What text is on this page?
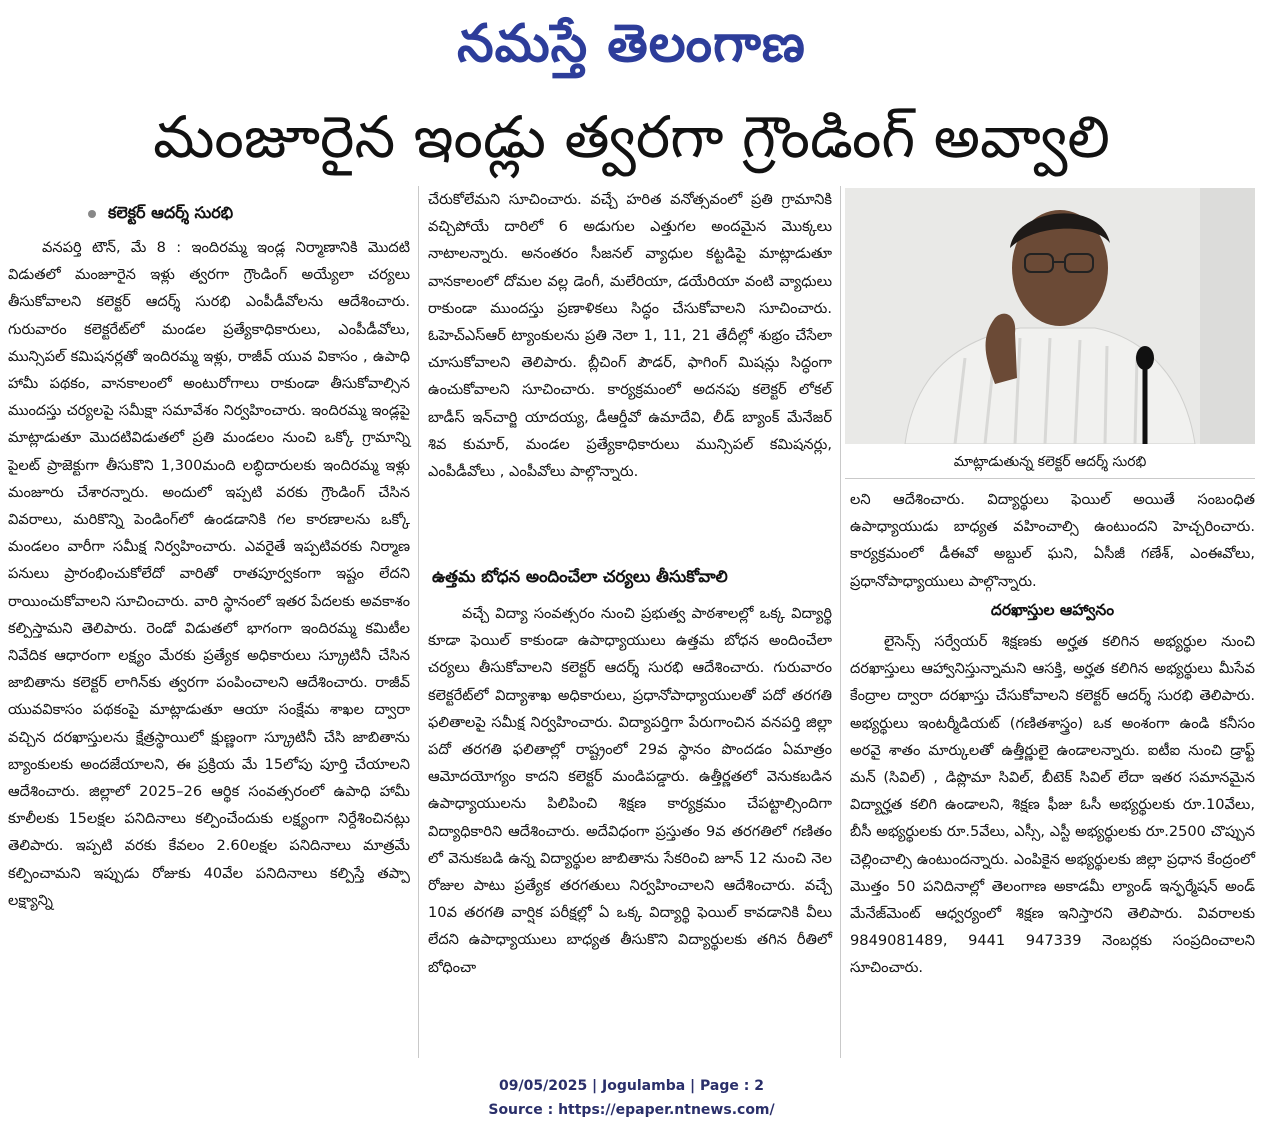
నమస్తే తెలంగాణ
మంజూరైన ఇండ్లు త్వరగా గ్రౌండింగ్ అవ్వాలి
కలెక్టర్ ఆదర్శ్ సురభి

వనపర్తి టౌన్, మే 8 : ఇందిరమ్మ ఇండ్ల నిర్మాణానికి మొదటి విడుతలో మంజూరైన ఇళ్లు త్వరగా గ్రౌండింగ్ అయ్యేలా చర్యలు తీసుకోవాలని కలెక్టర్ ఆదర్శ్ సురభి ఎంపీడీవోలను ఆదేశించారు. గురువారం కలెక్టరేట్‌లో మండల ప్రత్యేకాధికారులు, ఎంపీడీవోలు, మున్సిపల్ కమిషనర్లతో ఇందిరమ్మ ఇళ్లు, రాజీవ్ యువ వికాసం , ఉపాధి హామీ పథకం, వానకాలంలో అంటురోగాలు రాకుండా తీసుకోవాల్సిన ముందస్తు చర్యలపై సమీక్షా సమావేశం నిర్వహించారు. ఇందిరమ్మ ఇండ్లపై మాట్లాడుతూ మొదటివిడుతలో ప్రతి మండలం నుంచి ఒక్కో గ్రామాన్ని పైలట్ ప్రాజెక్టుగా తీసుకొని 1,300మంది లబ్ధిదారులకు ఇందిరమ్మ ఇళ్లు మంజూరు చేశారన్నారు. అందులో ఇప్పటి వరకు గ్రౌండింగ్ చేసిన వివరాలు, మరికొన్ని పెండింగ్‌లో ఉండడానికి గల కారణాలను ఒక్కో మండలం వారీగా సమీక్ష నిర్వహించారు. ఎవరైతే ఇప్పటివరకు నిర్మాణ పనులు ప్రారంభించుకోలేదో వారితో రాతపూర్వకంగా ఇష్టం లేదని రాయించుకోవాలని సూచించారు. వారి స్థానంలో ఇతర పేదలకు అవకాశం కల్పిస్తామని తెలిపారు. రెండో విడుతలో భాగంగా ఇందిరమ్మ కమిటీల నివేదిక ఆధారంగా లక్ష్యం మేరకు ప్రత్యేక అధికారులు స్క్రూటినీ చేసిన జాబితాను కలెక్టర్ లాగిన్‌కు త్వరగా పంపించాలని ఆదేశించారు. రాజీవ్ యువవికాసం పథకంపై మాట్లాడుతూ ఆయా సంక్షేమ శాఖల ద్వారా వచ్చిన దరఖాస్తులను క్షేత్రస్థాయిలో క్షుణ్ణంగా స్క్రూటినీ చేసి జాబితాను బ్యాంకులకు అందజేయాలని, ఈ ప్రక్రియ మే 15లోపు పూర్తి చేయాలని ఆదేశించారు. జిల్లాలో 2025–26 ఆర్థిక సంవత్సరంలో ఉపాధి హామీ కూలీలకు 15లక్షల పనిదినాలు కల్పించేందుకు లక్ష్యంగా నిర్దేశించినట్లు తెలిపారు. ఇప్పటి వరకు కేవలం 2.60లక్షల పనిదినాలు మాత్రమే కల్పించామని ఇప్పుడు రోజుకు 40వేల పనిదినాలు కల్పిస్తే తప్పా లక్ష్యాన్ని

చేరుకోలేమని సూచించారు. వచ్చే హరిత వనోత్సవంలో ప్రతి గ్రామానికి వచ్చిపోయే దారిలో 6 అడుగుల ఎత్తుగల అందమైన మొక్కలు నాటాలన్నారు. అనంతరం సీజనల్ వ్యాధుల కట్టడిపై మాట్లాడుతూ వానకాలంలో దోమల వల్ల డెంగీ, మలేరియా, డయేరియా వంటి వ్యాధులు రాకుండా ముందస్తు ప్రణాళికలు సిద్ధం చేసుకోవాలని సూచించారు. ఓహెచ్ఎస్ఆర్ ట్యాంకులను ప్రతి నెలా 1, 11, 21 తేదీల్లో శుభ్రం చేసేలా చూసుకోవాలని తెలిపారు. బ్లీచింగ్ పౌడర్, ఫాగింగ్ మిషన్లు సిద్ధంగా ఉంచుకోవాలని సూచించారు. కార్యక్రమంలో అదనపు కలెక్టర్ లోకల్ బాడీస్ ఇన్‌చార్జి యాదయ్య, డీఆర్డీవో ఉమాదేవి, లీడ్ బ్యాంక్ మేనేజర్ శివ కుమార్, మండల ప్రత్యేకాధికారులు మున్సిపల్ కమిషనర్లు, ఎంపీడీవోలు , ఎంపీవోలు పాల్గొన్నారు.

ఉత్తమ బోధన అందించేలా చర్యలు తీసుకోవాలి

వచ్చే విద్యా సంవత్సరం నుంచి ప్రభుత్వ పాఠశాలల్లో ఒక్క విద్యార్థి కూడా ఫెయిల్ కాకుండా ఉపాధ్యాయులు ఉత్తమ బోధన అందించేలా చర్యలు తీసుకోవాలని కలెక్టర్ ఆదర్శ్ సురభి ఆదేశించారు. గురువారం కలెక్టరేట్‌లో విద్యాశాఖ అధికారులు, ప్రధానోపాధ్యాయులతో పదో తరగతి ఫలితాలపై సమీక్ష నిర్వహించారు. విద్యాపర్తిగా పేరుగాంచిన వనపర్తి జిల్లా పదో తరగతి ఫలితాల్లో రాష్ట్రంలో 29వ స్థానం పొందడం ఏమాత్రం ఆమోదయోగ్యం కాదని కలెక్టర్ మండిపడ్డారు. ఉత్తీర్ణతలో వెనుకబడిన ఉపాధ్యాయులను పిలిపించి శిక్షణ కార్యక్రమం చేపట్టాల్సిందిగా విద్యాధికారిని ఆదేశించారు. అదేవిధంగా ప్రస్తుతం 9వ తరగతిలో గణితం లో వెనుకబడి ఉన్న విద్యార్థుల జాబితాను సేకరించి జూన్ 12 నుంచి నెల రోజుల పాటు ప్రత్యేక తరగతులు నిర్వహించాలని ఆదేశించారు. వచ్చే 10వ తరగతి వార్షిక పరీక్షల్లో ఏ ఒక్క విద్యార్థి ఫెయిల్ కావడానికి వీలు లేదని ఉపాధ్యాయులు బాధ్యత తీసుకొని విద్యార్థులకు తగిన రీతిలో బోధించా

మాట్లాడుతున్న కలెక్టర్ ఆదర్శ్ సురభి

లని ఆదేశించారు. విద్యార్థులు ఫెయిల్ అయితే సంబంధిత ఉపాధ్యాయుడు బాధ్యత వహించాల్సి ఉంటుందని హెచ్చరించారు. కార్యక్రమంలో డీఈవో అబ్దుల్ ఘని, ఏసీజీ గణేశ్, ఎంఈవోలు, ప్రధానోపాధ్యాయులు పాల్గొన్నారు.

దరఖాస్తుల ఆహ్వానం

లైసెన్స్ సర్వేయర్ శిక్షణకు అర్హత కలిగిన అభ్యర్థుల నుంచి దరఖాస్తులు ఆహ్వానిస్తున్నామని ఆసక్తి, అర్హత కలిగిన అభ్యర్థులు మీసేవ కేంద్రాల ద్వారా దరఖాస్తు చేసుకోవాలని కలెక్టర్ ఆదర్శ్ సురభి తెలిపారు. అభ్యర్థులు ఇంటర్మీడియట్ (గణితశాస్త్రం) ఒక అంశంగా ఉండి కనీసం అరవై శాతం మార్కులతో ఉత్తీర్ణులై ఉండాలన్నారు. ఐటీఐ నుంచి డ్రాఫ్ట్ మన్ (సివిల్) , డిప్లొమా సివిల్, బీటెక్ సివిల్ లేదా ఇతర సమానమైన విద్యార్హత కలిగి ఉండాలని, శిక్షణ ఫీజు ఓసీ అభ్యర్థులకు రూ.10వేలు, బీసీ అభ్యర్థులకు రూ.5వేలు, ఎస్సీ, ఎస్టీ అభ్యర్థులకు రూ.2500 చొప్పున చెల్లించాల్సి ఉంటుందన్నారు. ఎంపికైన అభ్యర్థులకు జిల్లా ప్రధాన కేంద్రంలో మొత్తం 50 పనిదినాల్లో తెలంగాణ అకాడమీ ల్యాండ్ ఇన్ఫర్మేషన్ అండ్ మేనేజ్‌మెంట్ ఆధ్వర్యంలో శిక్షణ ఇనిస్తారని తెలిపారు. వివరాలకు 9849081489, 9441 947339 నెంబర్లకు సంప్రదించాలని సూచించారు.

09/05/2025 | Jogulamba | Page : 2
Source : https://epaper.ntnews.com/
